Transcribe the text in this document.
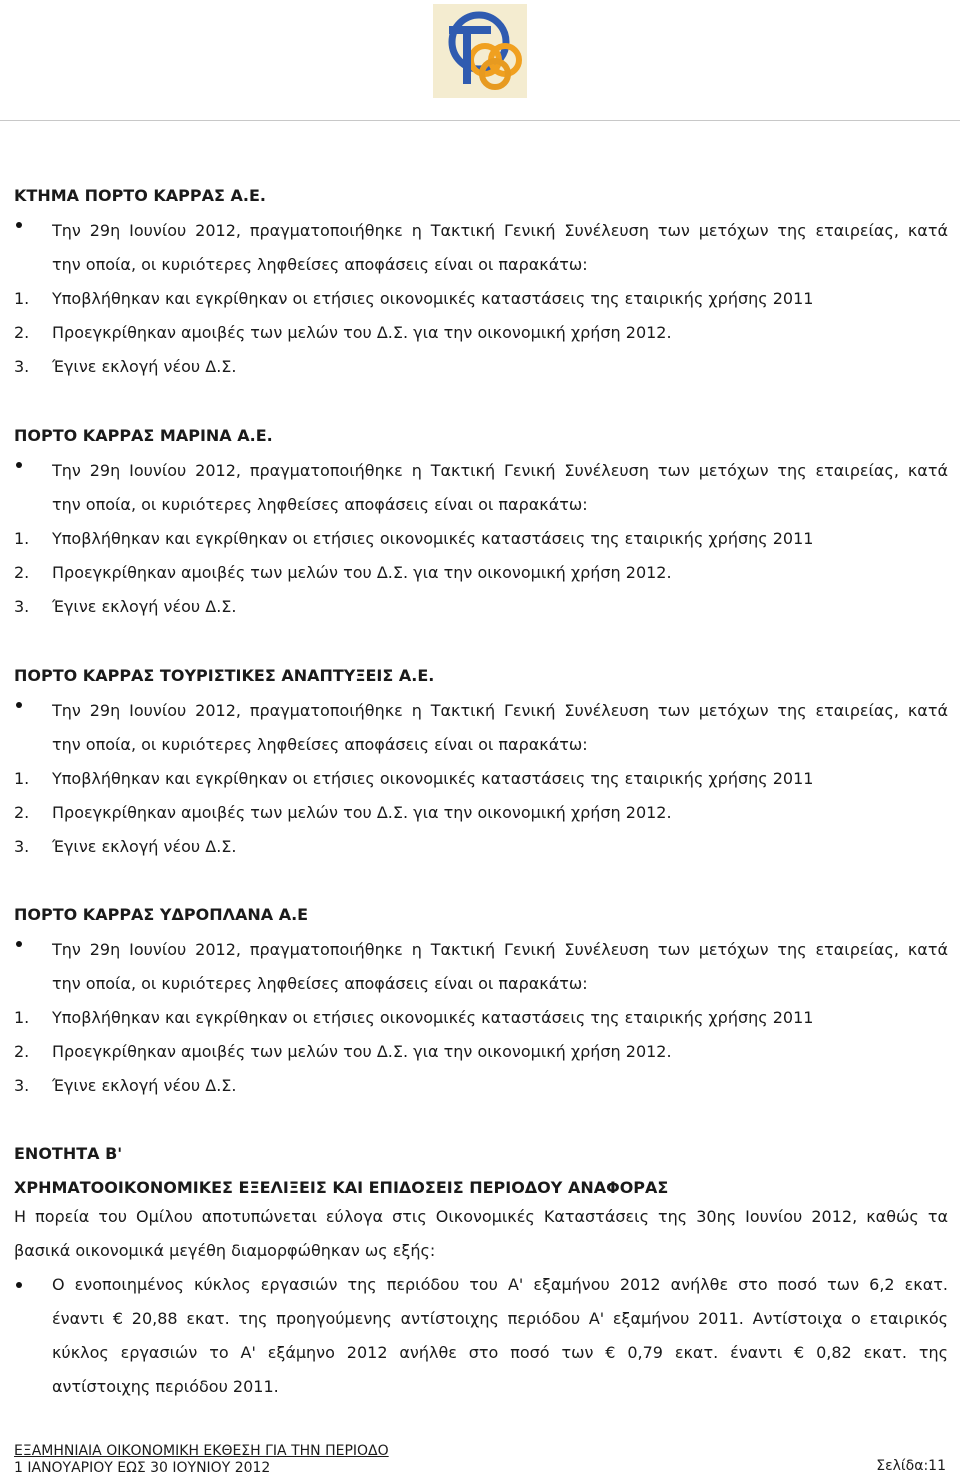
ΚΤΗΜΑ ΠΟΡΤΟ ΚΑΡΡΑΣ Α.Ε.
Την 29η Ιουνίου 2012, πραγματοποιήθηκε η Τακτική Γενική Συνέλευση των μετόχων της εταιρείας, κατά
την οποία, οι κυριότερες ληφθείσες αποφάσεις είναι οι παρακάτω:
1. Υποβλήθηκαν και εγκρίθηκαν οι ετήσιες οικονομικές καταστάσεις της εταιρικής χρήσης 2011
2. Προεγκρίθηκαν αμοιβές των μελών του Δ.Σ. για την οικονομική χρήση 2012.
3. Έγινε εκλογή νέου Δ.Σ.
ΠΟΡΤΟ ΚΑΡΡΑΣ ΜΑΡΙΝΑ Α.Ε.
Την 29η Ιουνίου 2012, πραγματοποιήθηκε η Τακτική Γενική Συνέλευση των μετόχων της εταιρείας, κατά
την οποία, οι κυριότερες ληφθείσες αποφάσεις είναι οι παρακάτω:
1. Υποβλήθηκαν και εγκρίθηκαν οι ετήσιες οικονομικές καταστάσεις της εταιρικής χρήσης 2011
2. Προεγκρίθηκαν αμοιβές των μελών του Δ.Σ. για την οικονομική χρήση 2012.
3. Έγινε εκλογή νέου Δ.Σ.
ΠΟΡΤΟ ΚΑΡΡΑΣ ΤΟΥΡΙΣΤΙΚΕΣ ΑΝΑΠΤΥΞΕΙΣ Α.Ε.
Την 29η Ιουνίου 2012, πραγματοποιήθηκε η Τακτική Γενική Συνέλευση των μετόχων της εταιρείας, κατά
την οποία, οι κυριότερες ληφθείσες αποφάσεις είναι οι παρακάτω:
1. Υποβλήθηκαν και εγκρίθηκαν οι ετήσιες οικονομικές καταστάσεις της εταιρικής χρήσης 2011
2. Προεγκρίθηκαν αμοιβές των μελών του Δ.Σ. για την οικονομική χρήση 2012.
3. Έγινε εκλογή νέου Δ.Σ.
ΠΟΡΤΟ ΚΑΡΡΑΣ ΥΔΡΟΠΛΑΝΑ Α.Ε
Την 29η Ιουνίου 2012, πραγματοποιήθηκε η Τακτική Γενική Συνέλευση των μετόχων της εταιρείας, κατά
την οποία, οι κυριότερες ληφθείσες αποφάσεις είναι οι παρακάτω:
1. Υποβλήθηκαν και εγκρίθηκαν οι ετήσιες οικονομικές καταστάσεις της εταιρικής χρήσης 2011
2. Προεγκρίθηκαν αμοιβές των μελών του Δ.Σ. για την οικονομική χρήση 2012.
3. Έγινε εκλογή νέου Δ.Σ.
ΕΝΟΤΗΤΑ Β'
ΧΡΗΜΑΤΟΟΙΚΟΝΟΜΙΚΕΣ ΕΞΕΛΙΞΕΙΣ ΚΑΙ ΕΠΙΔΟΣΕΙΣ ΠΕΡΙΟΔΟΥ ΑΝΑΦΟΡΑΣ
Η πορεία του Ομίλου αποτυπώνεται εύλογα στις Οικονομικές Καταστάσεις της 30ης Ιουνίου 2012, καθώς τα
βασικά οικονομικά μεγέθη διαμορφώθηκαν ως εξής:
Ο ενοποιημένος κύκλος εργασιών της περιόδου του Α' εξαμήνου 2012 ανήλθε στο ποσό των 6,2 εκατ.
έναντι € 20,88 εκατ. της προηγούμενης αντίστοιχης περιόδου Α' εξαμήνου 2011. Αντίστοιχα ο εταιρικός
κύκλος εργασιών το Α' εξάμηνο 2012 ανήλθε στο ποσό των € 0,79 εκατ. έναντι € 0,82 εκατ. της
αντίστοιχης περιόδου 2011.
ΕΞΑΜΗΝΙΑΙΑ ΟΙΚΟΝΟΜΙΚΗ ΕΚΘΕΣΗ ΓΙΑ ΤΗΝ ΠΕΡΙΟΔΟ
1 ΙΑΝΟΥΑΡΙΟΥ ΕΩΣ 30 ΙΟΥΝΙΟΥ 2012	Σελίδα:11
